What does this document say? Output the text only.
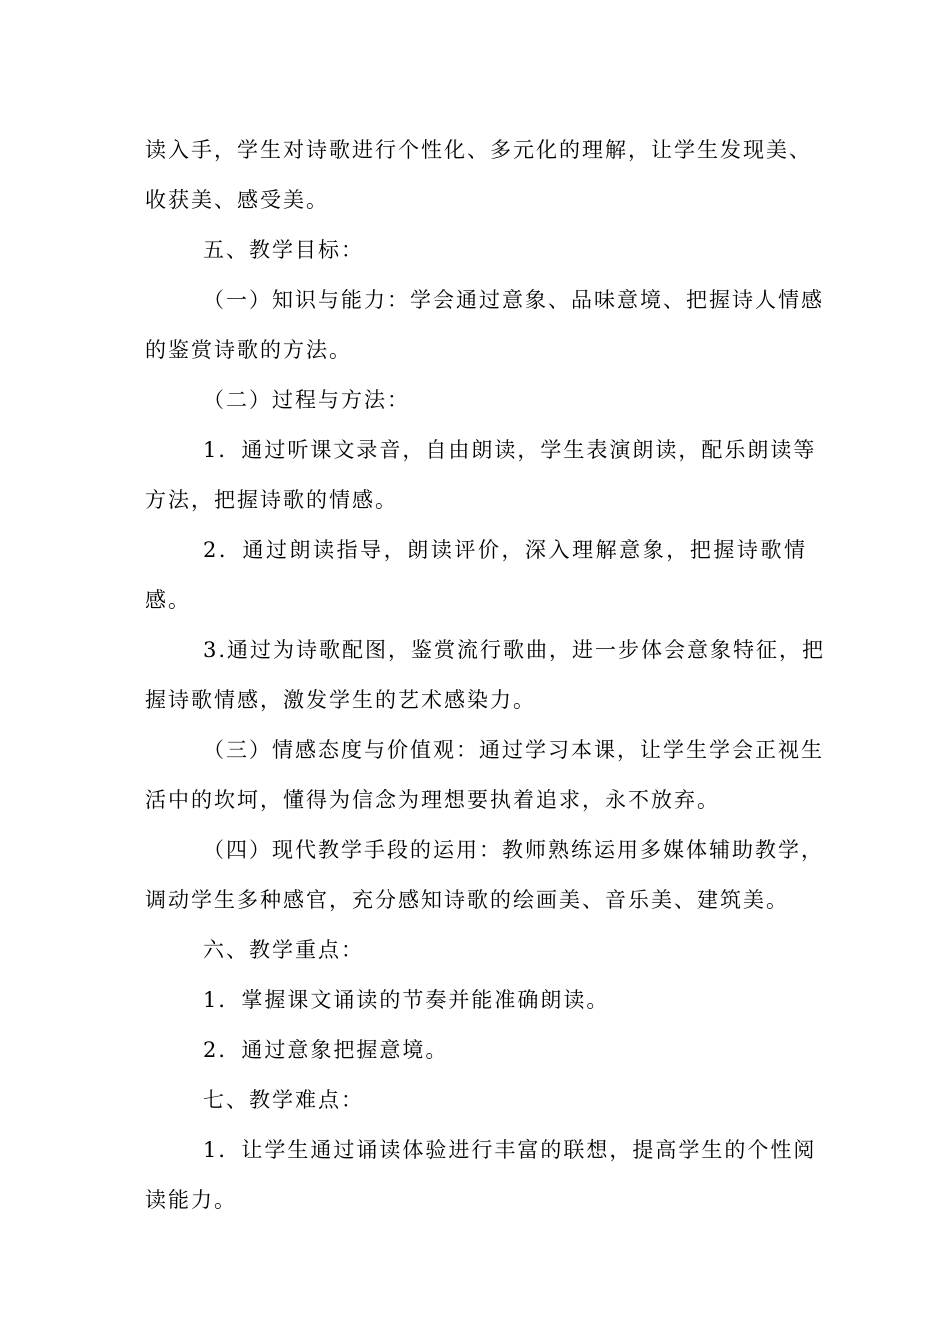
读入手，学生对诗歌进行个性化、多元化的理解，让学生发现美、
收获美、感受美。
五、教学目标：
（一）知识与能力：学会通过意象、品味意境、把握诗人情感
的鉴赏诗歌的方法。
（二）过程与方法：
1．通过听课文录音，自由朗读，学生表演朗读，配乐朗读等
方法，把握诗歌的情感。
2．通过朗读指导，朗读评价，深入理解意象，把握诗歌情
感。
3.通过为诗歌配图，鉴赏流行歌曲，进一步体会意象特征，把
握诗歌情感，激发学生的艺术感染力。
（三）情感态度与价值观：通过学习本课，让学生学会正视生
活中的坎坷，懂得为信念为理想要执着追求，永不放弃。
（四）现代教学手段的运用：教师熟练运用多媒体辅助教学，
调动学生多种感官，充分感知诗歌的绘画美、音乐美、建筑美。
六、教学重点：
1．掌握课文诵读的节奏并能准确朗读。
2．通过意象把握意境。
七、教学难点：
1．让学生通过诵读体验进行丰富的联想，提高学生的个性阅
读能力。
